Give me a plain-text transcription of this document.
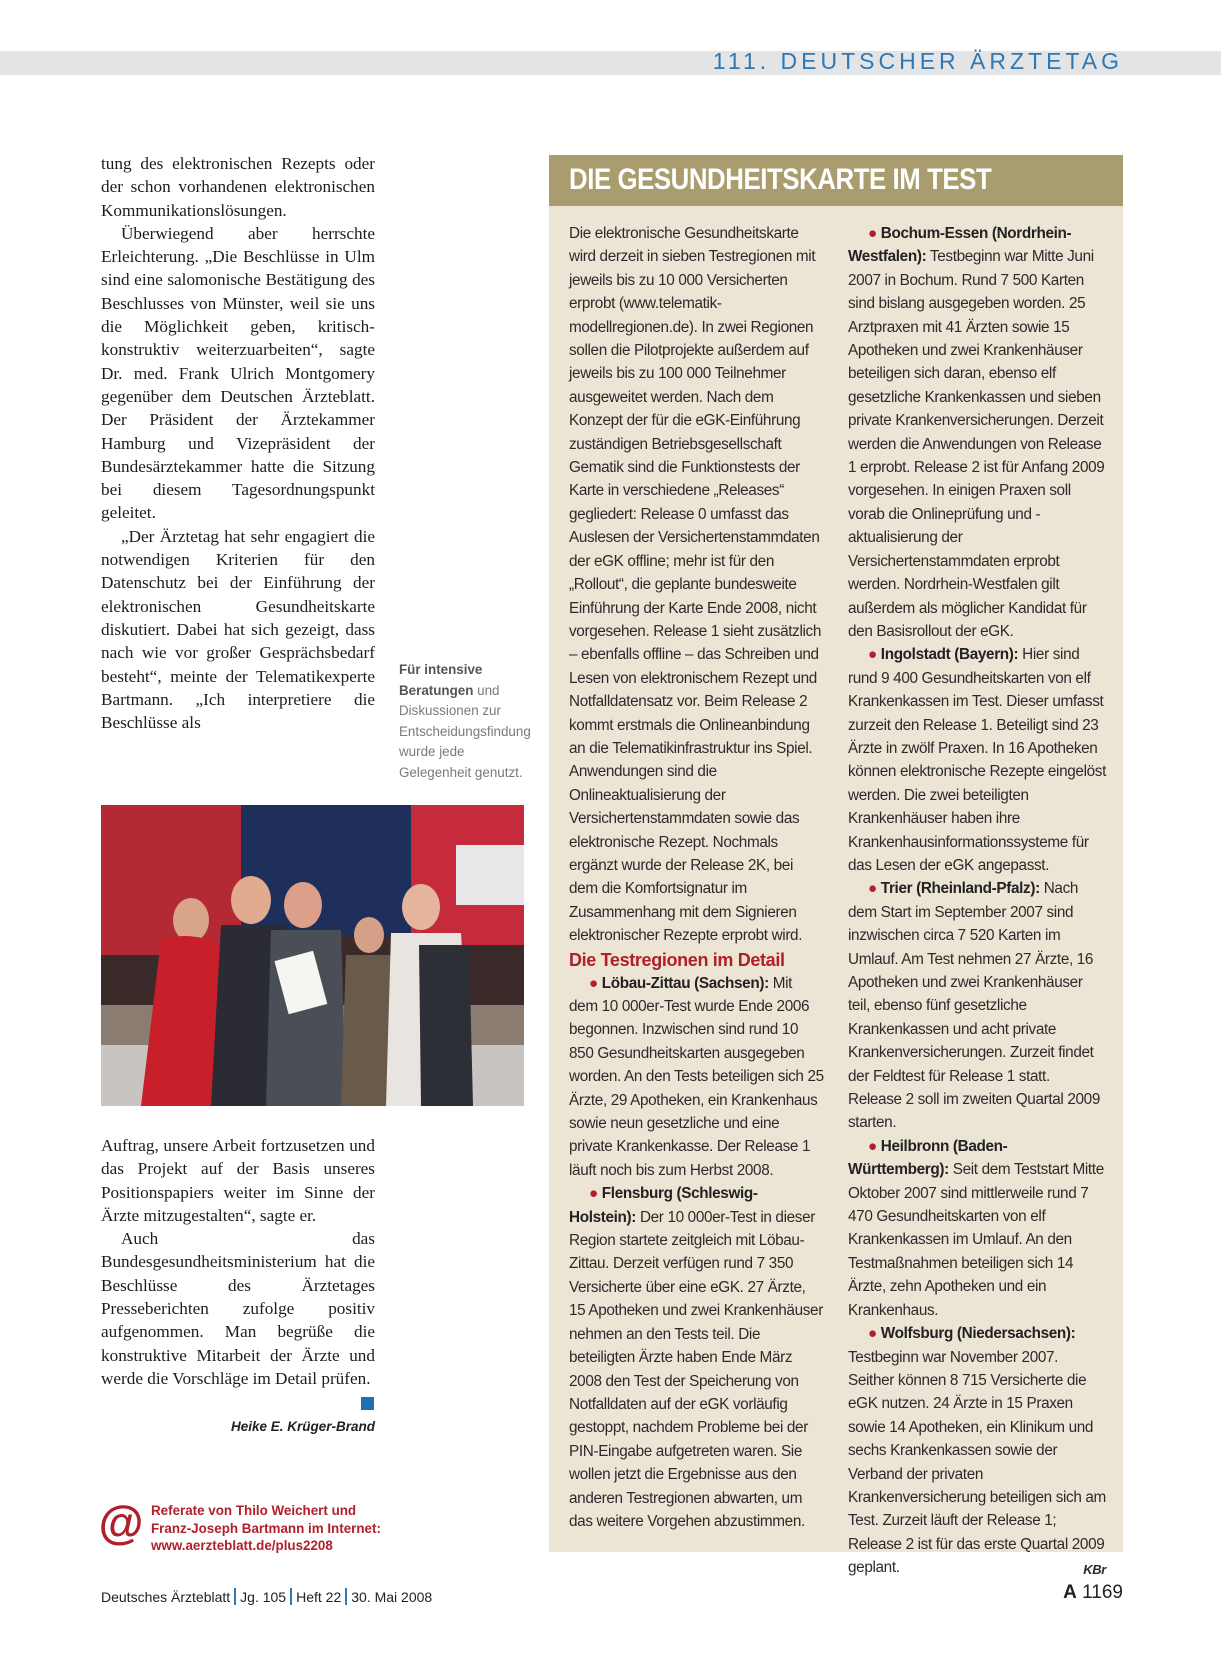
111. DEUTSCHER ÄRZTETAG

tung des elektronischen Rezepts oder der schon vorhandenen elektronischen Kommunikationslösungen.

Überwiegend aber herrschte Erleichterung. „Die Beschlüsse in Ulm sind eine salomonische Bestätigung des Beschlusses von Münster, weil sie uns die Möglichkeit geben, kritisch-konstruktiv weiterzuarbeiten“, sagte Dr. med. Frank Ulrich Montgomery gegenüber dem Deutschen Ärzteblatt. Der Präsident der Ärztekammer Hamburg und Vizepräsident der Bundesärztekammer hatte die Sitzung bei diesem Tagesordnungspunkt geleitet.

„Der Ärztetag hat sehr engagiert die notwendigen Kriterien für den Datenschutz bei der Einführung der elektronischen Gesundheitskarte diskutiert. Dabei hat sich gezeigt, dass nach wie vor großer Gesprächsbedarf besteht“, meinte der Telematikexperte Bartmann. „Ich interpretiere die Beschlüsse als

Für intensive Beratungen und Diskussionen zur Entscheidungsfindung wurde jede Gelegenheit genutzt.

Auftrag, unsere Arbeit fortzusetzen und das Projekt auf der Basis unseres Positionspapiers weiter im Sinne der Ärzte mitzugestalten“, sagte er.

Auch das Bundesgesundheitsministerium hat die Beschlüsse des Ärztetages Presseberichten zufolge positiv aufgenommen. Man begrüße die konstruktive Mitarbeit der Ärzte und werde die Vorschläge im Detail prüfen.

Heike E. Krüger-Brand
@ Referate von Thilo Weichert und
Franz-Joseph Bartmann im Internet:
www.aerzteblatt.de/plus2208
DIE GESUNDHEITSKARTE IM TEST

Die elektronische Gesundheitskarte wird derzeit in sieben Testregionen mit jeweils bis zu 10 000 Versicherten erprobt (www.telematik-modellregionen.de). In zwei Regionen sollen die Pilotprojekte außerdem auf jeweils bis zu 100 000 Teilnehmer ausgeweitet werden. Nach dem Konzept der für die eGK-Einführung zuständigen Betriebsgesellschaft Gematik sind die Funktionstests der Karte in verschiedene „Releases“ gegliedert: Release 0 umfasst das Auslesen der Versichertenstammdaten der eGK offline; mehr ist für den „Rollout“, die geplante bundesweite Einführung der Karte Ende 2008, nicht vorgesehen. Release 1 sieht zusätzlich – ebenfalls offline – das Schreiben und Lesen von elektronischem Rezept und Notfalldatensatz vor. Beim Release 2 kommt erstmals die Onlineanbindung an die Telematikinfrastruktur ins Spiel. Anwendungen sind die Onlineaktualisierung der Versichertenstammdaten sowie das elektronische Rezept. Nochmals ergänzt wurde der Release 2K, bei dem die Komfortsignatur im Zusammenhang mit dem Signieren elektronischer Rezepte erprobt wird.

Die Testregionen im Detail

● Löbau-Zittau (Sachsen): Mit dem 10 000er-Test wurde Ende 2006 begonnen. Inzwischen sind rund 10 850 Gesundheitskarten ausgegeben worden. An den Tests beteiligen sich 25 Ärzte, 29 Apotheken, ein Krankenhaus sowie neun gesetzliche und eine private Krankenkasse. Der Release 1 läuft noch bis zum Herbst 2008.

● Flensburg (Schleswig-Holstein): Der 10 000er-Test in dieser Region startete zeitgleich mit Löbau-Zittau. Derzeit verfügen rund 7 350 Versicherte über eine eGK. 27 Ärzte, 15 Apotheken und zwei Krankenhäuser nehmen an den Tests teil. Die beteiligten Ärzte haben Ende März 2008 den Test der Speicherung von Notfalldaten auf der eGK vorläufig gestoppt, nachdem Probleme bei der PIN-Eingabe aufgetreten waren. Sie wollen jetzt die Ergebnisse aus den anderen Testregionen abwarten, um das weitere Vorgehen abzustimmen.

● Bochum-Essen (Nordrhein-Westfalen): Testbeginn war Mitte Juni 2007 in Bochum. Rund 7 500 Karten sind bislang ausgegeben worden. 25 Arztpraxen mit 41 Ärzten sowie 15 Apotheken und zwei Krankenhäuser beteiligen sich daran, ebenso elf gesetzliche Krankenkassen und sieben private Krankenversicherungen. Derzeit werden die Anwendungen von Release 1 erprobt. Release 2 ist für Anfang 2009 vorgesehen. In einigen Praxen soll vorab die Onlineprüfung und -aktualisierung der Versichertenstammdaten erprobt werden. Nordrhein-Westfalen gilt außerdem als möglicher Kandidat für den Basisrollout der eGK.

● Ingolstadt (Bayern): Hier sind rund 9 400 Gesundheitskarten von elf Krankenkassen im Test. Dieser umfasst zurzeit den Release 1. Beteiligt sind 23 Ärzte in zwölf Praxen. In 16 Apotheken können elektronische Rezepte eingelöst werden. Die zwei beteiligten Krankenhäuser haben ihre Krankenhausinformationssysteme für das Lesen der eGK angepasst.

● Trier (Rheinland-Pfalz): Nach dem Start im September 2007 sind inzwischen circa 7 520 Karten im Umlauf. Am Test nehmen 27 Ärzte, 16 Apotheken und zwei Krankenhäuser teil, ebenso fünf gesetzliche Krankenkassen und acht private Krankenversicherungen. Zurzeit findet der Feldtest für Release 1 statt. Release 2 soll im zweiten Quartal 2009 starten.

● Heilbronn (Baden-Württemberg): Seit dem Teststart Mitte Oktober 2007 sind mittlerweile rund 7 470 Gesundheitskarten von elf Krankenkassen im Umlauf. An den Testmaßnahmen beteiligen sich 14 Ärzte, zehn Apotheken und ein Krankenhaus.

● Wolfsburg (Niedersachsen): Testbeginn war November 2007. Seither können 8 715 Versicherte die eGK nutzen. 24 Ärzte in 15 Praxen sowie 14 Apotheken, ein Klinikum und sechs Krankenkassen sowie der Verband der privaten Krankenversicherung beteiligen sich am Test. Zurzeit läuft der Release 1; Release 2 ist für das erste Quartal 2009 geplant.	KBr

Deutsches Ärzteblatt Jg. 105 Heft 22 30. Mai 2008	A 1169
